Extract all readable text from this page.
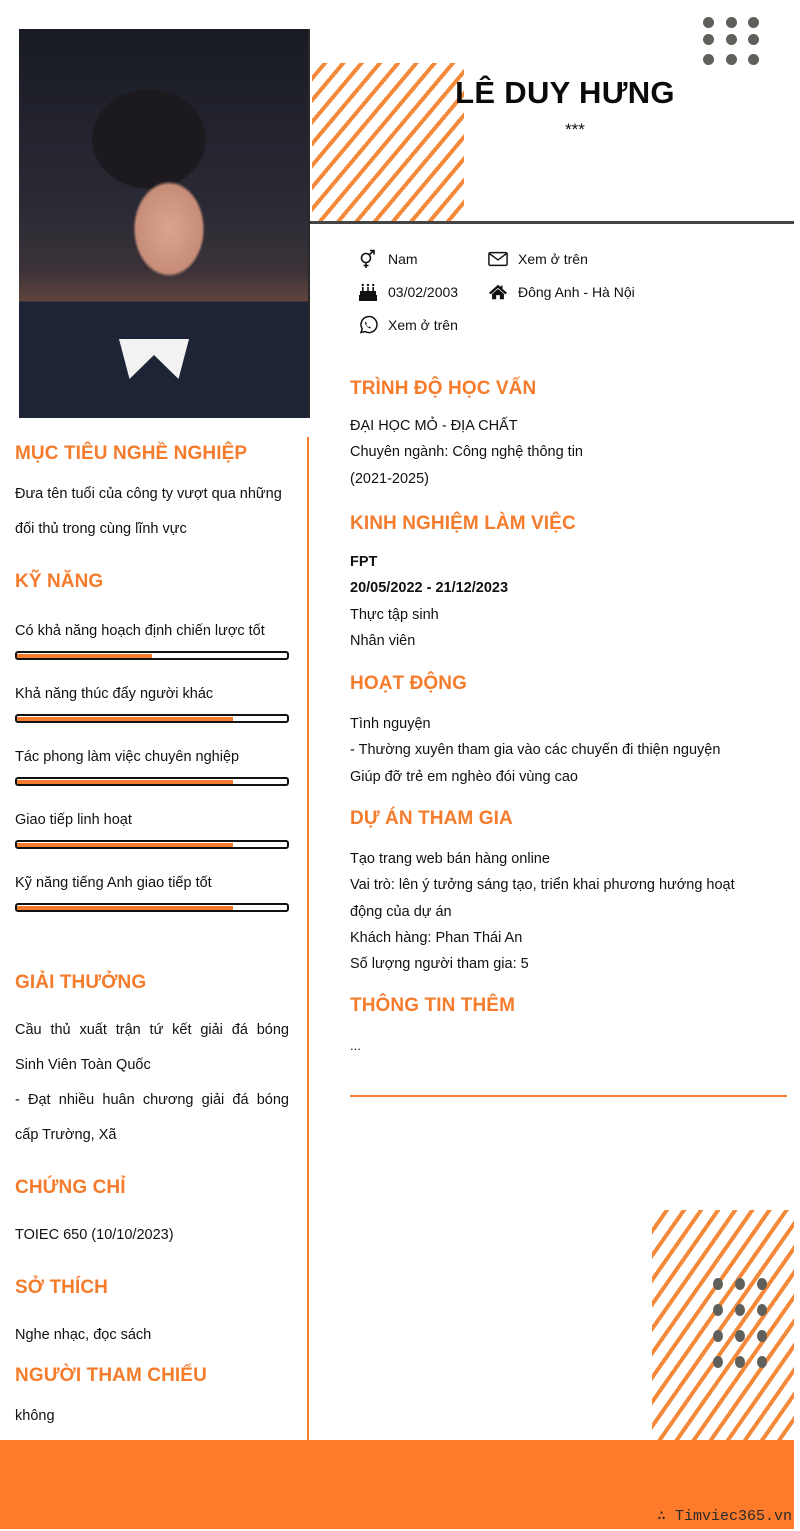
LÊ DUY HƯNG
***
Nam	Xem ở trên
03/02/2003	Đông Anh - Hà Nội
Xem ở trên
MỤC TIÊU NGHỀ NGHIỆP
Đưa tên tuổi của công ty vượt qua những
đối thủ trong cùng lĩnh vực
KỸ NĂNG
Có khả năng hoạch định chiến lược tốt
Khả năng thúc đẩy người khác
Tác phong làm việc chuyên nghiệp
Giao tiếp linh hoạt
Kỹ năng tiếng Anh giao tiếp tốt
GIẢI THƯỞNG
Cầu thủ xuất trận tứ kết giải đá bóng
Sinh Viên Toàn Quốc
- Đạt nhiều huân chương giải đá bóng
cấp Trường, Xã
CHỨNG CHỈ
TOIEC 650 (10/10/2023)
SỞ THÍCH
Nghe nhạc, đọc sách
NGƯỜI THAM CHIẾU
không
TRÌNH ĐỘ HỌC VẤN
ĐẠI HỌC MỎ - ĐỊA CHẤT
Chuyên ngành: Công nghệ thông tin
(2021-2025)
KINH NGHIỆM LÀM VIỆC
FPT
20/05/2022 - 21/12/2023
Thực tập sinh
Nhân viên
HOẠT ĐỘNG
Tình nguyện
- Thường xuyên tham gia vào các chuyến đi thiện nguyện
Giúp đỡ trẻ em nghèo đói vùng cao
DỰ ÁN THAM GIA
Tạo trang web bán hàng online
Vai trò: lên ý tưởng sáng tạo, triển khai phương hướng hoạt
động của dự án
Khách hàng: Phan Thái An
Số lượng người tham gia: 5
THÔNG TIN THÊM
...
∴ Timviec365.vn
